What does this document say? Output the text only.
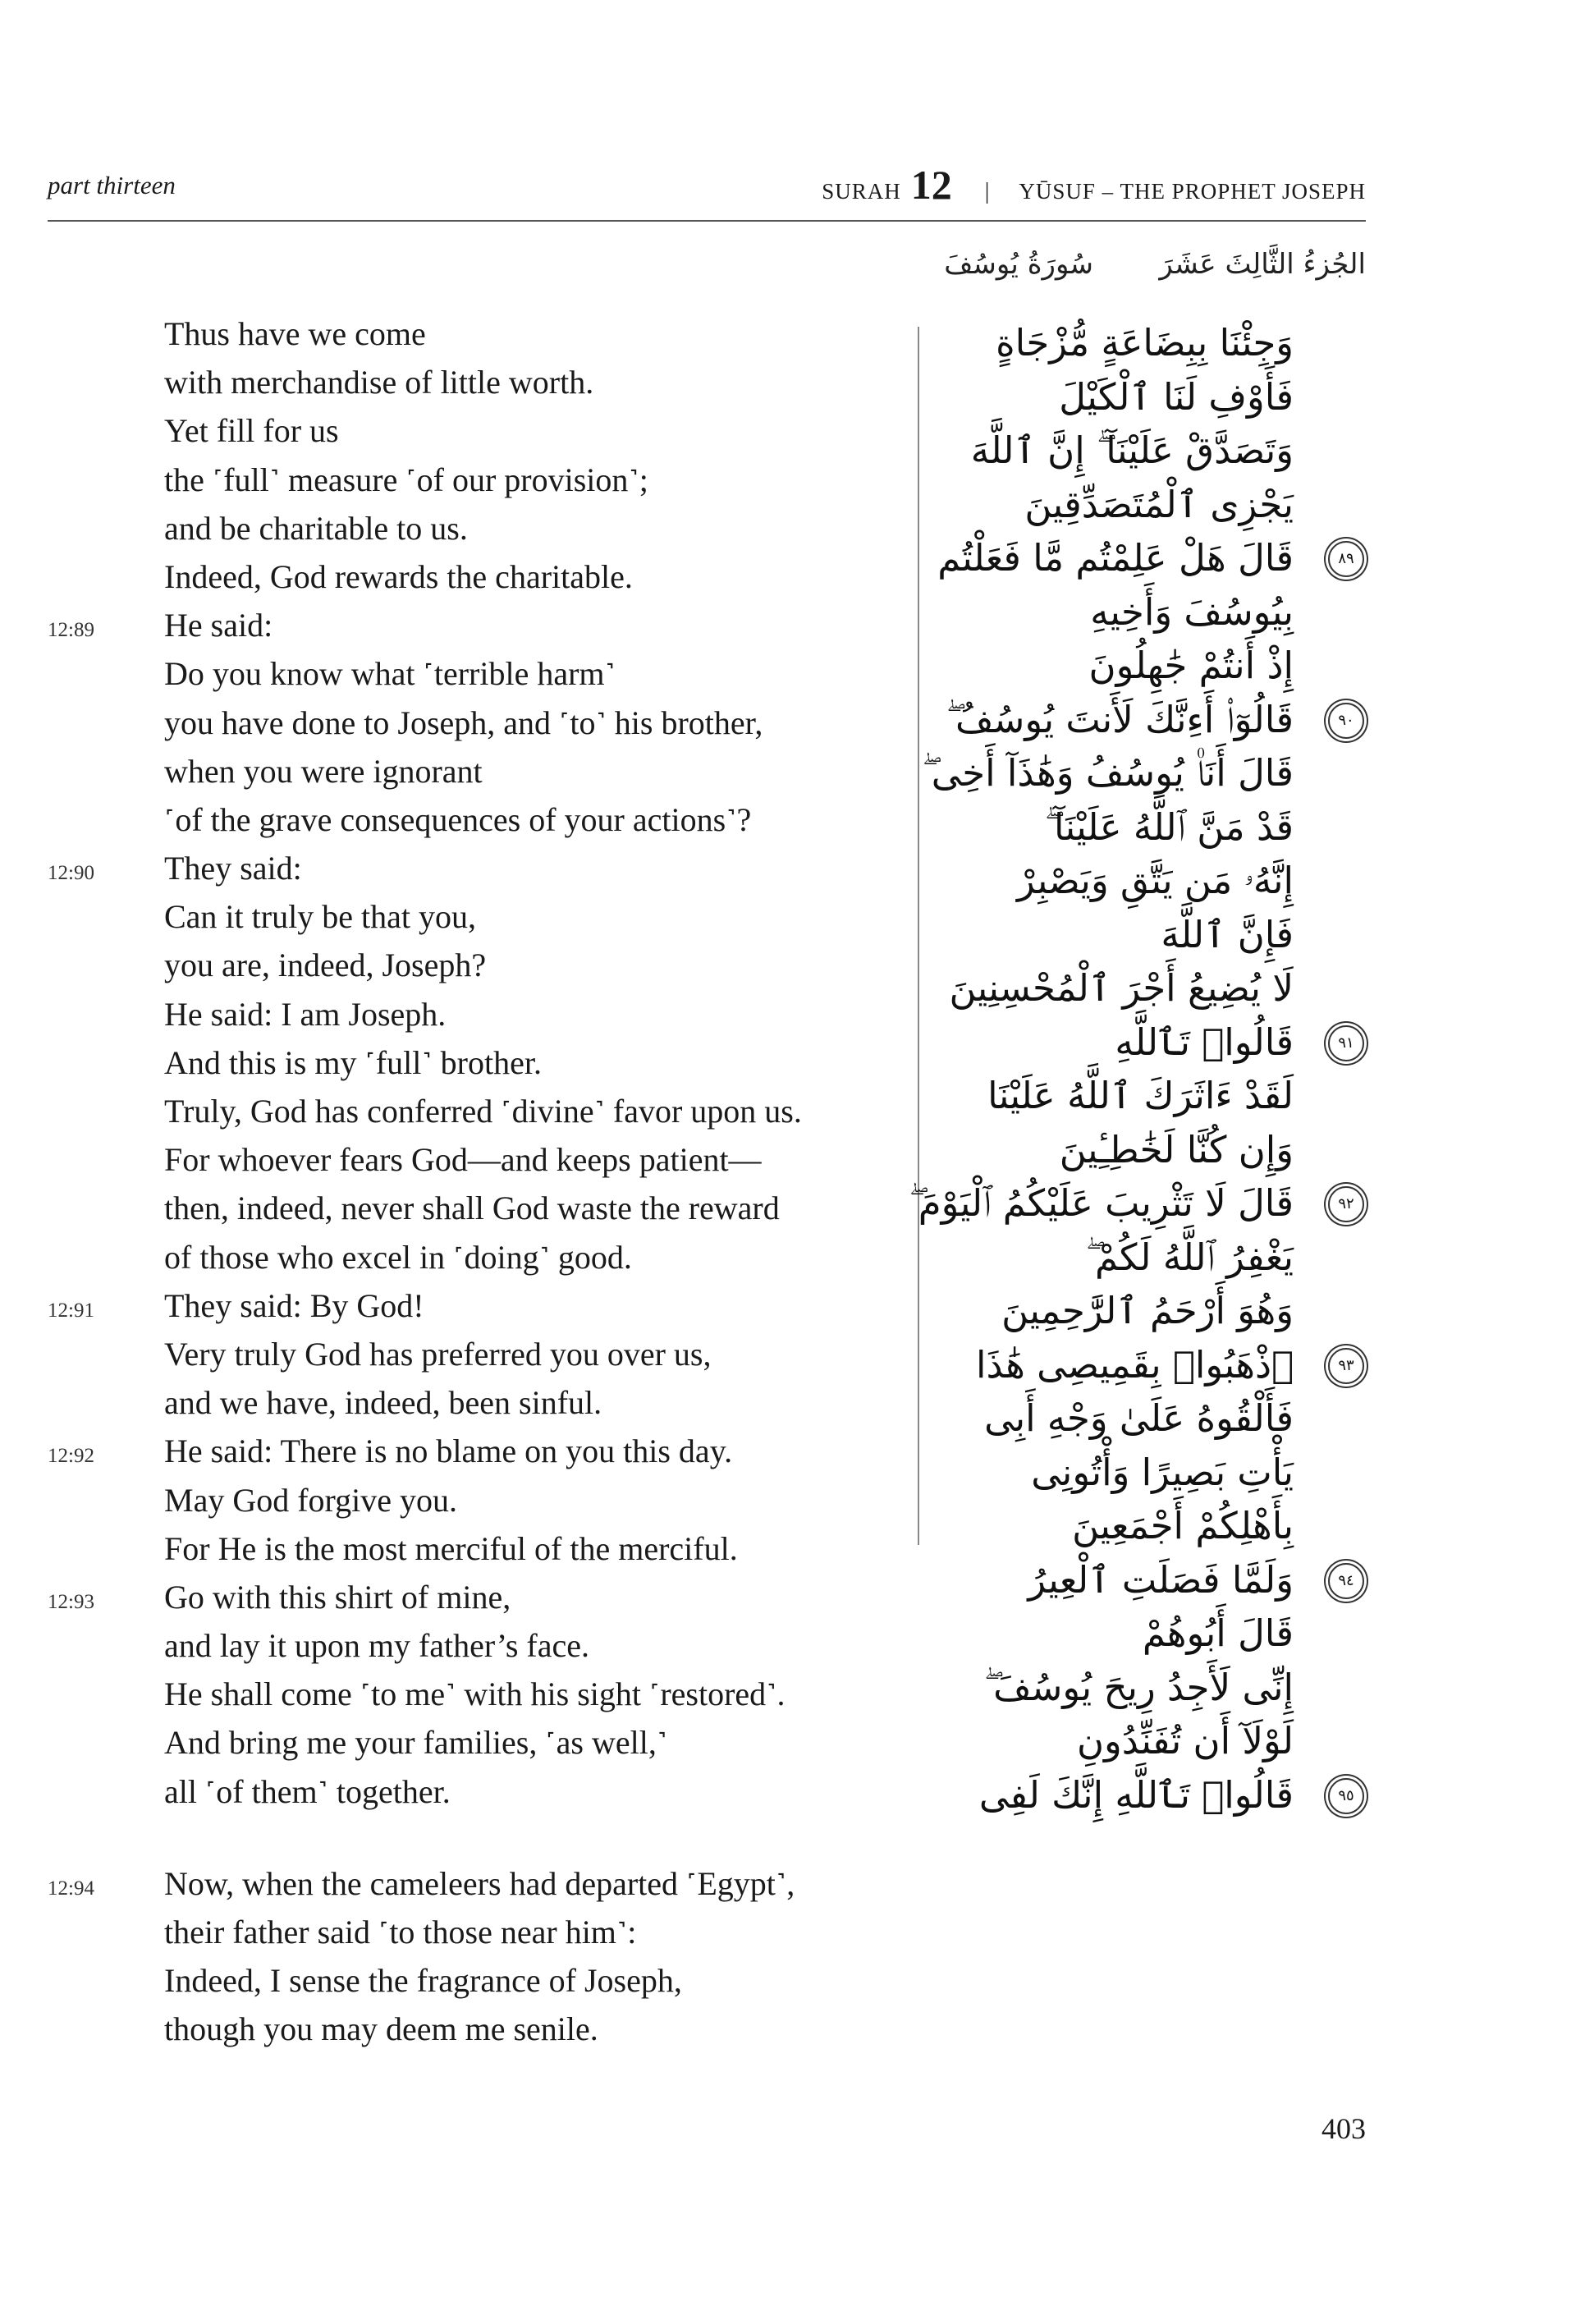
part thirteen	SURAH 12 | YŪSUF – THE PROPHET JOSEPH
الجُزءُ الثَّالِثَ عَشَرَ
سُورَةُ يُوسُفَ
Thus have we come
with merchandise of little worth.
Yet fill for us
the ˹full˺ measure ˹of our provision˺;
and be charitable to us.
Indeed, God rewards the charitable.
12:89	He said:
Do you know what ˹terrible harm˺
you have done to Joseph, and ˹to˺ his brother,
when you were ignorant
˹of the grave consequences of your actions˺?
12:90	They said:
Can it truly be that you,
you are, indeed, Joseph?
He said: I am Joseph.
And this is my ˹full˺ brother.
Truly, God has conferred ˹divine˺ favor upon us.
For whoever fears God—and keeps patient—
then, indeed, never shall God waste the reward
of those who excel in ˹doing˺ good.
12:91	They said: By God!
Very truly God has preferred you over us,
and we have, indeed, been sinful.
12:92	He said: There is no blame on you this day.
May God forgive you.
For He is the most merciful of the merciful.
12:93	Go with this shirt of mine,
and lay it upon my father’s face.
He shall come ˹to me˺ with his sight ˹restored˺.
And bring me your families, ˹as well,˺
all ˹of them˺ together.
12:94	Now, when the cameleers had departed ˹Egypt˺,
their father said ˹to those near him˺:
Indeed, I sense the fragrance of Joseph,
though you may deem me senile.
وَجِئْنَا بِبِضَاعَةٍ مُّزْجَاةٍ
فَأَوْفِ لَنَا ٱلْكَيْلَ
وَتَصَدَّقْ عَلَيْنَآ ۖ إِنَّ ٱللَّهَ
يَجْزِى ٱلْمُتَصَدِّقِينَ
٨٩
قَالَ هَلْ عَلِمْتُم مَّا فَعَلْتُم
بِيُوسُفَ وَأَخِيهِ
إِذْ أَنتُمْ جَٰهِلُونَ
٩٠
قَالُوٓا۟ أَءِنَّكَ لَأَنتَ يُوسُفُ ۖ
قَالَ أَنَا۠ يُوسُفُ وَهَٰذَآ أَخِى ۖ
قَدْ مَنَّ ٱللَّهُ عَلَيْنَآ ۖ
إِنَّهُۥ مَن يَتَّقِ وَيَصْبِرْ
فَإِنَّ ٱللَّهَ
لَا يُضِيعُ أَجْرَ ٱلْمُحْسِنِينَ
٩١
قَالُوا۟ تَٱللَّهِ
لَقَدْ ءَاثَرَكَ ٱللَّهُ عَلَيْنَا
وَإِن كُنَّا لَخَٰطِـِٔينَ
٩٢
قَالَ لَا تَثْرِيبَ عَلَيْكُمُ ٱلْيَوْمَ ۖ
يَغْفِرُ ٱللَّهُ لَكُمْ ۖ
وَهُوَ أَرْحَمُ ٱلرَّٰحِمِينَ
٩٣
ٱذْهَبُوا۟ بِقَمِيصِى هَٰذَا
فَأَلْقُوهُ عَلَىٰ وَجْهِ أَبِى
يَأْتِ بَصِيرًا وَأْتُونِى
بِأَهْلِكُمْ أَجْمَعِينَ
٩٤
وَلَمَّا فَصَلَتِ ٱلْعِيرُ
قَالَ أَبُوهُمْ
إِنِّى لَأَجِدُ رِيحَ يُوسُفَ ۖ
لَوْلَآ أَن تُفَنِّدُونِ
٩٥
قَالُوا۟ تَٱللَّهِ إِنَّكَ لَفِى
403
